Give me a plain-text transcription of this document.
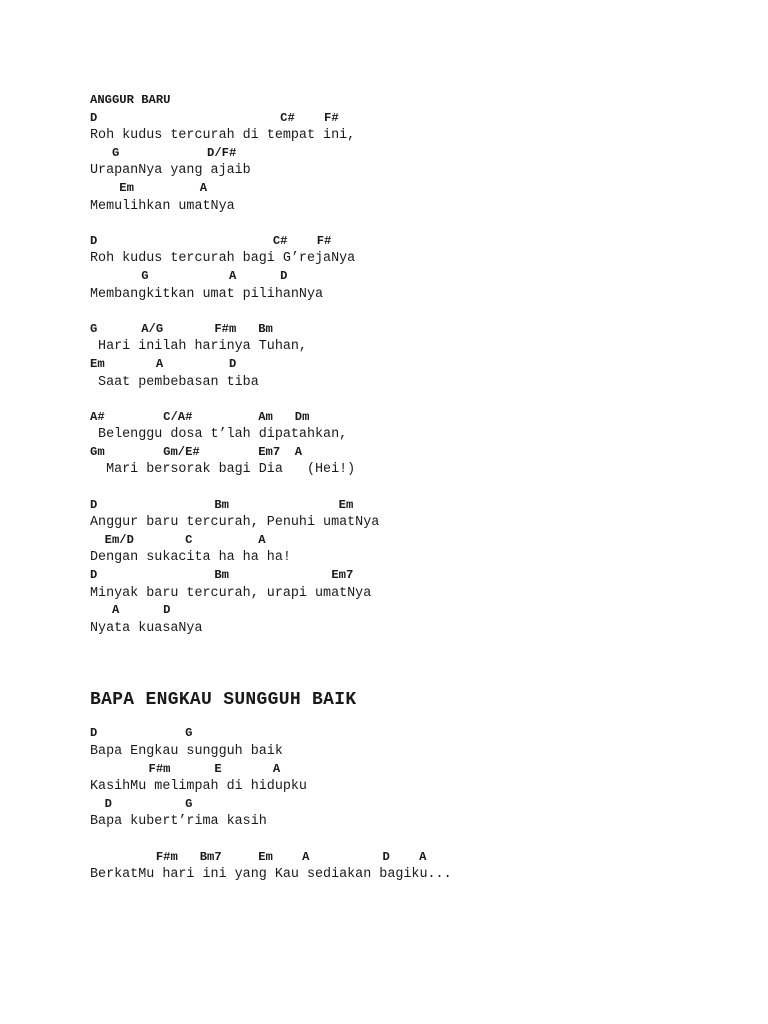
ANGGUR BARU
D                         C#    F#
Roh kudus tercurah di tempat ini,
G            D/F#
UrapanNya yang ajaib
Em         A
Memulihkan umatNya
D                        C#    F#
Roh kudus tercurah bagi G’rejaNya
G           A      D
Membangkitkan umat pilihanNya
G      A/G       F#m   Bm
Hari inilah harinya Tuhan,
Em       A         D
Saat pembebasan tiba
A#        C/A#         Am   Dm
Belenggu dosa t’lah dipatahkan,
Gm        Gm/E#        Em7  A
Mari bersorak bagi Dia   (Hei!)
D                Bm               Em
Anggur baru tercurah, Penuhi umatNya
Em/D       C         A
Dengan sukacita ha ha ha!
D                Bm              Em7
Minyak baru tercurah, urapi umatNya
A      D
Nyata kuasaNya
BAPA ENGKAU SUNGGUH BAIK
D            G
Bapa Engkau sungguh baik
F#m      E       A
KasihMu melimpah di hidupku
D          G
Bapa kubert’rima kasih
F#m   Bm7     Em    A          D    A
BerkatMu hari ini yang Kau sediakan bagiku...
